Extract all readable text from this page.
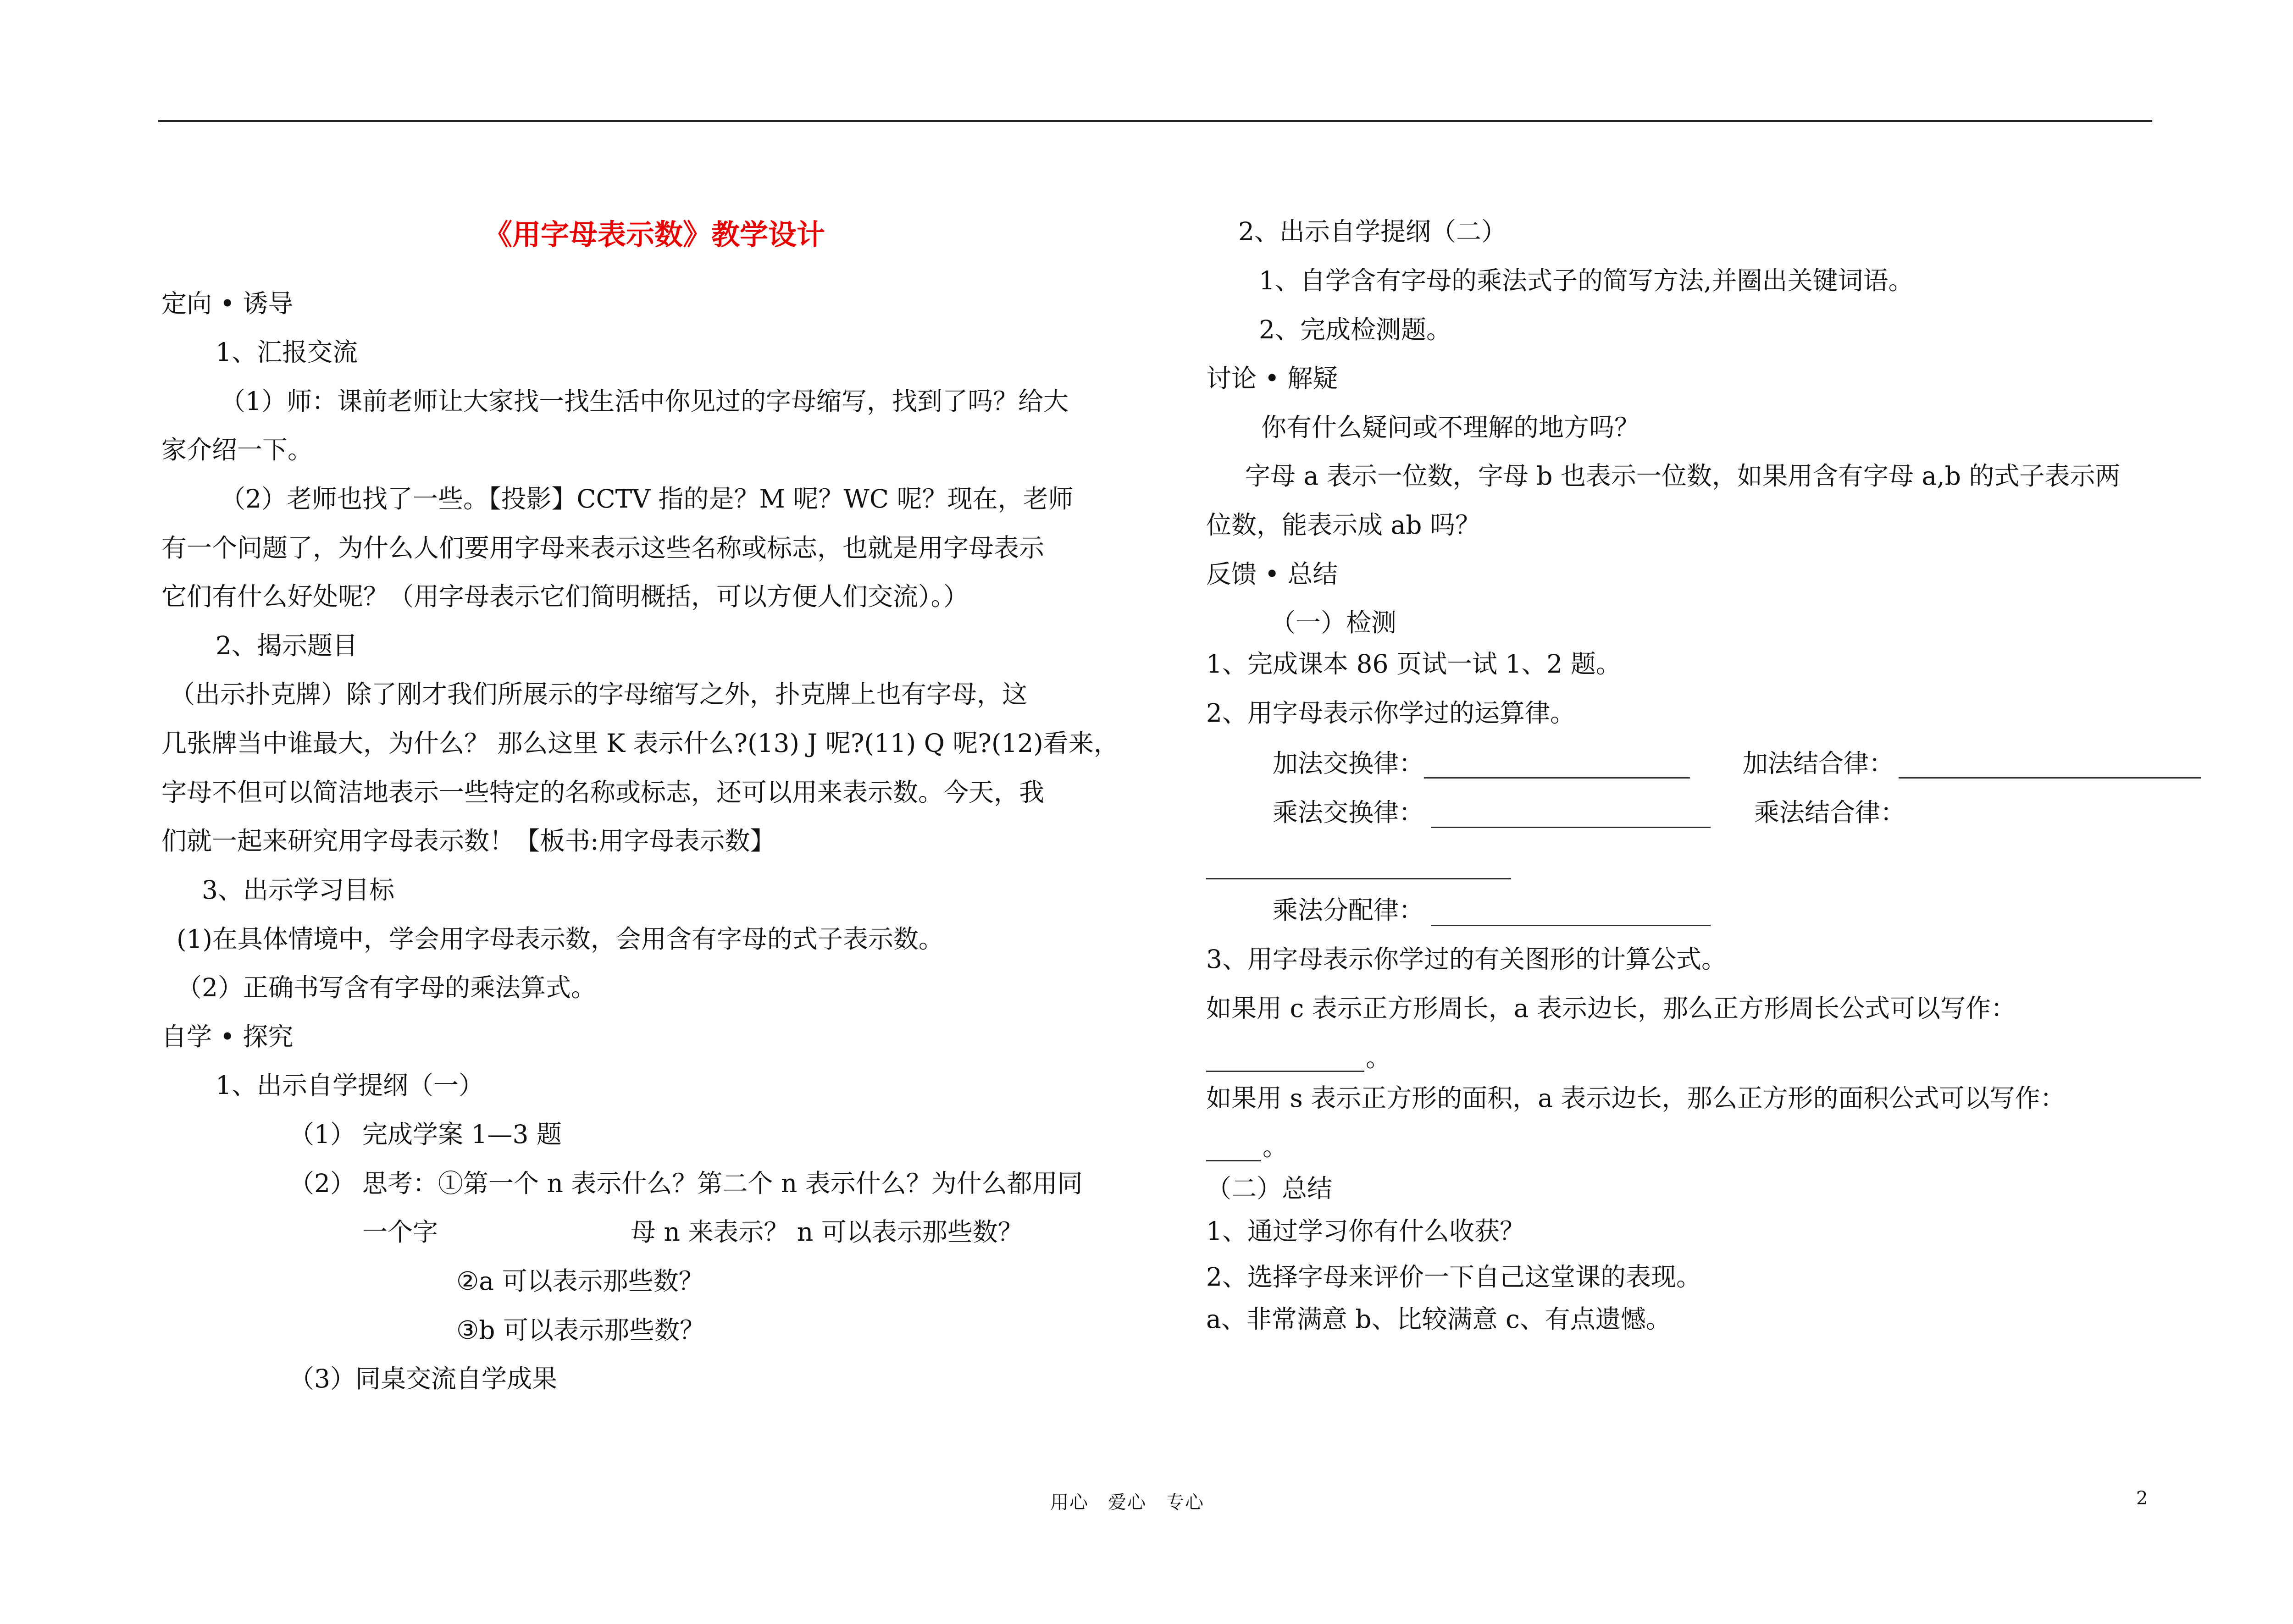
《用字母表示数》教学设计
定向 • 诱导
1、汇报交流
（1）师：课前老师让大家找一找生活中你见过的字母缩写，找到了吗？给大
家介绍一下。
（2）老师也找了一些。【投影】CCTV 指的是？M 呢？WC 呢？现在，老师
有一个问题了，为什么人们要用字母来表示这些名称或标志，也就是用字母表示
它们有什么好处呢？（用字母表示它们简明概括，可以方便人们交流）。）
2、揭示题目
（出示扑克牌）除了刚才我们所展示的字母缩写之外，扑克牌上也有字母，这
几张牌当中谁最大，为什么？ 那么这里 K 表示什么?(13) J 呢?(11) Q 呢?(12)看来，
字母不但可以简洁地表示一些特定的名称或标志，还可以用来表示数。今天，我
们就一起来研究用字母表示数！【板书:用字母表示数】
3、出示学习目标
(1)在具体情境中，学会用字母表示数，会用含有字母的式子表示数。
（2）正确书写含有字母的乘法算式。
自学 • 探究
1、出示自学提纲（一）
（1） 完成学案 1—3 题
（2） 思考：①第一个 n 表示什么？第二个 n 表示什么？为什么都用同
一个字	母 n 来表示？ n 可以表示那些数？
②a 可以表示那些数？
③b 可以表示那些数？
（3）同桌交流自学成果
2、出示自学提纲（二）
1、自学含有字母的乘法式子的简写方法,并圈出关键词语。
2、完成检测题。
讨论 • 解疑
你有什么疑问或不理解的地方吗？
字母 a 表示一位数，字母 b 也表示一位数，如果用含有字母 a,b 的式子表示两
位数，能表示成 ab 吗？
反馈 • 总结
（一）检测
1、完成课本 86 页试一试 1、2 题。
2、用字母表示你学过的运算律。
加法交换律：	加法结合律：
乘法交换律：	乘法结合律：
乘法分配律：
3、用字母表示你学过的有关图形的计算公式。
如果用 c 表示正方形周长，a 表示边长，那么正方形周长公式可以写作：
。
如果用 s 表示正方形的面积，a 表示边长，那么正方形的面积公式可以写作：
。
（二）总结
1、通过学习你有什么收获？
2、选择字母来评价一下自己这堂课的表现。
a、非常满意 b、比较满意 c、有点遗憾。
用心　爱心　专心	2
